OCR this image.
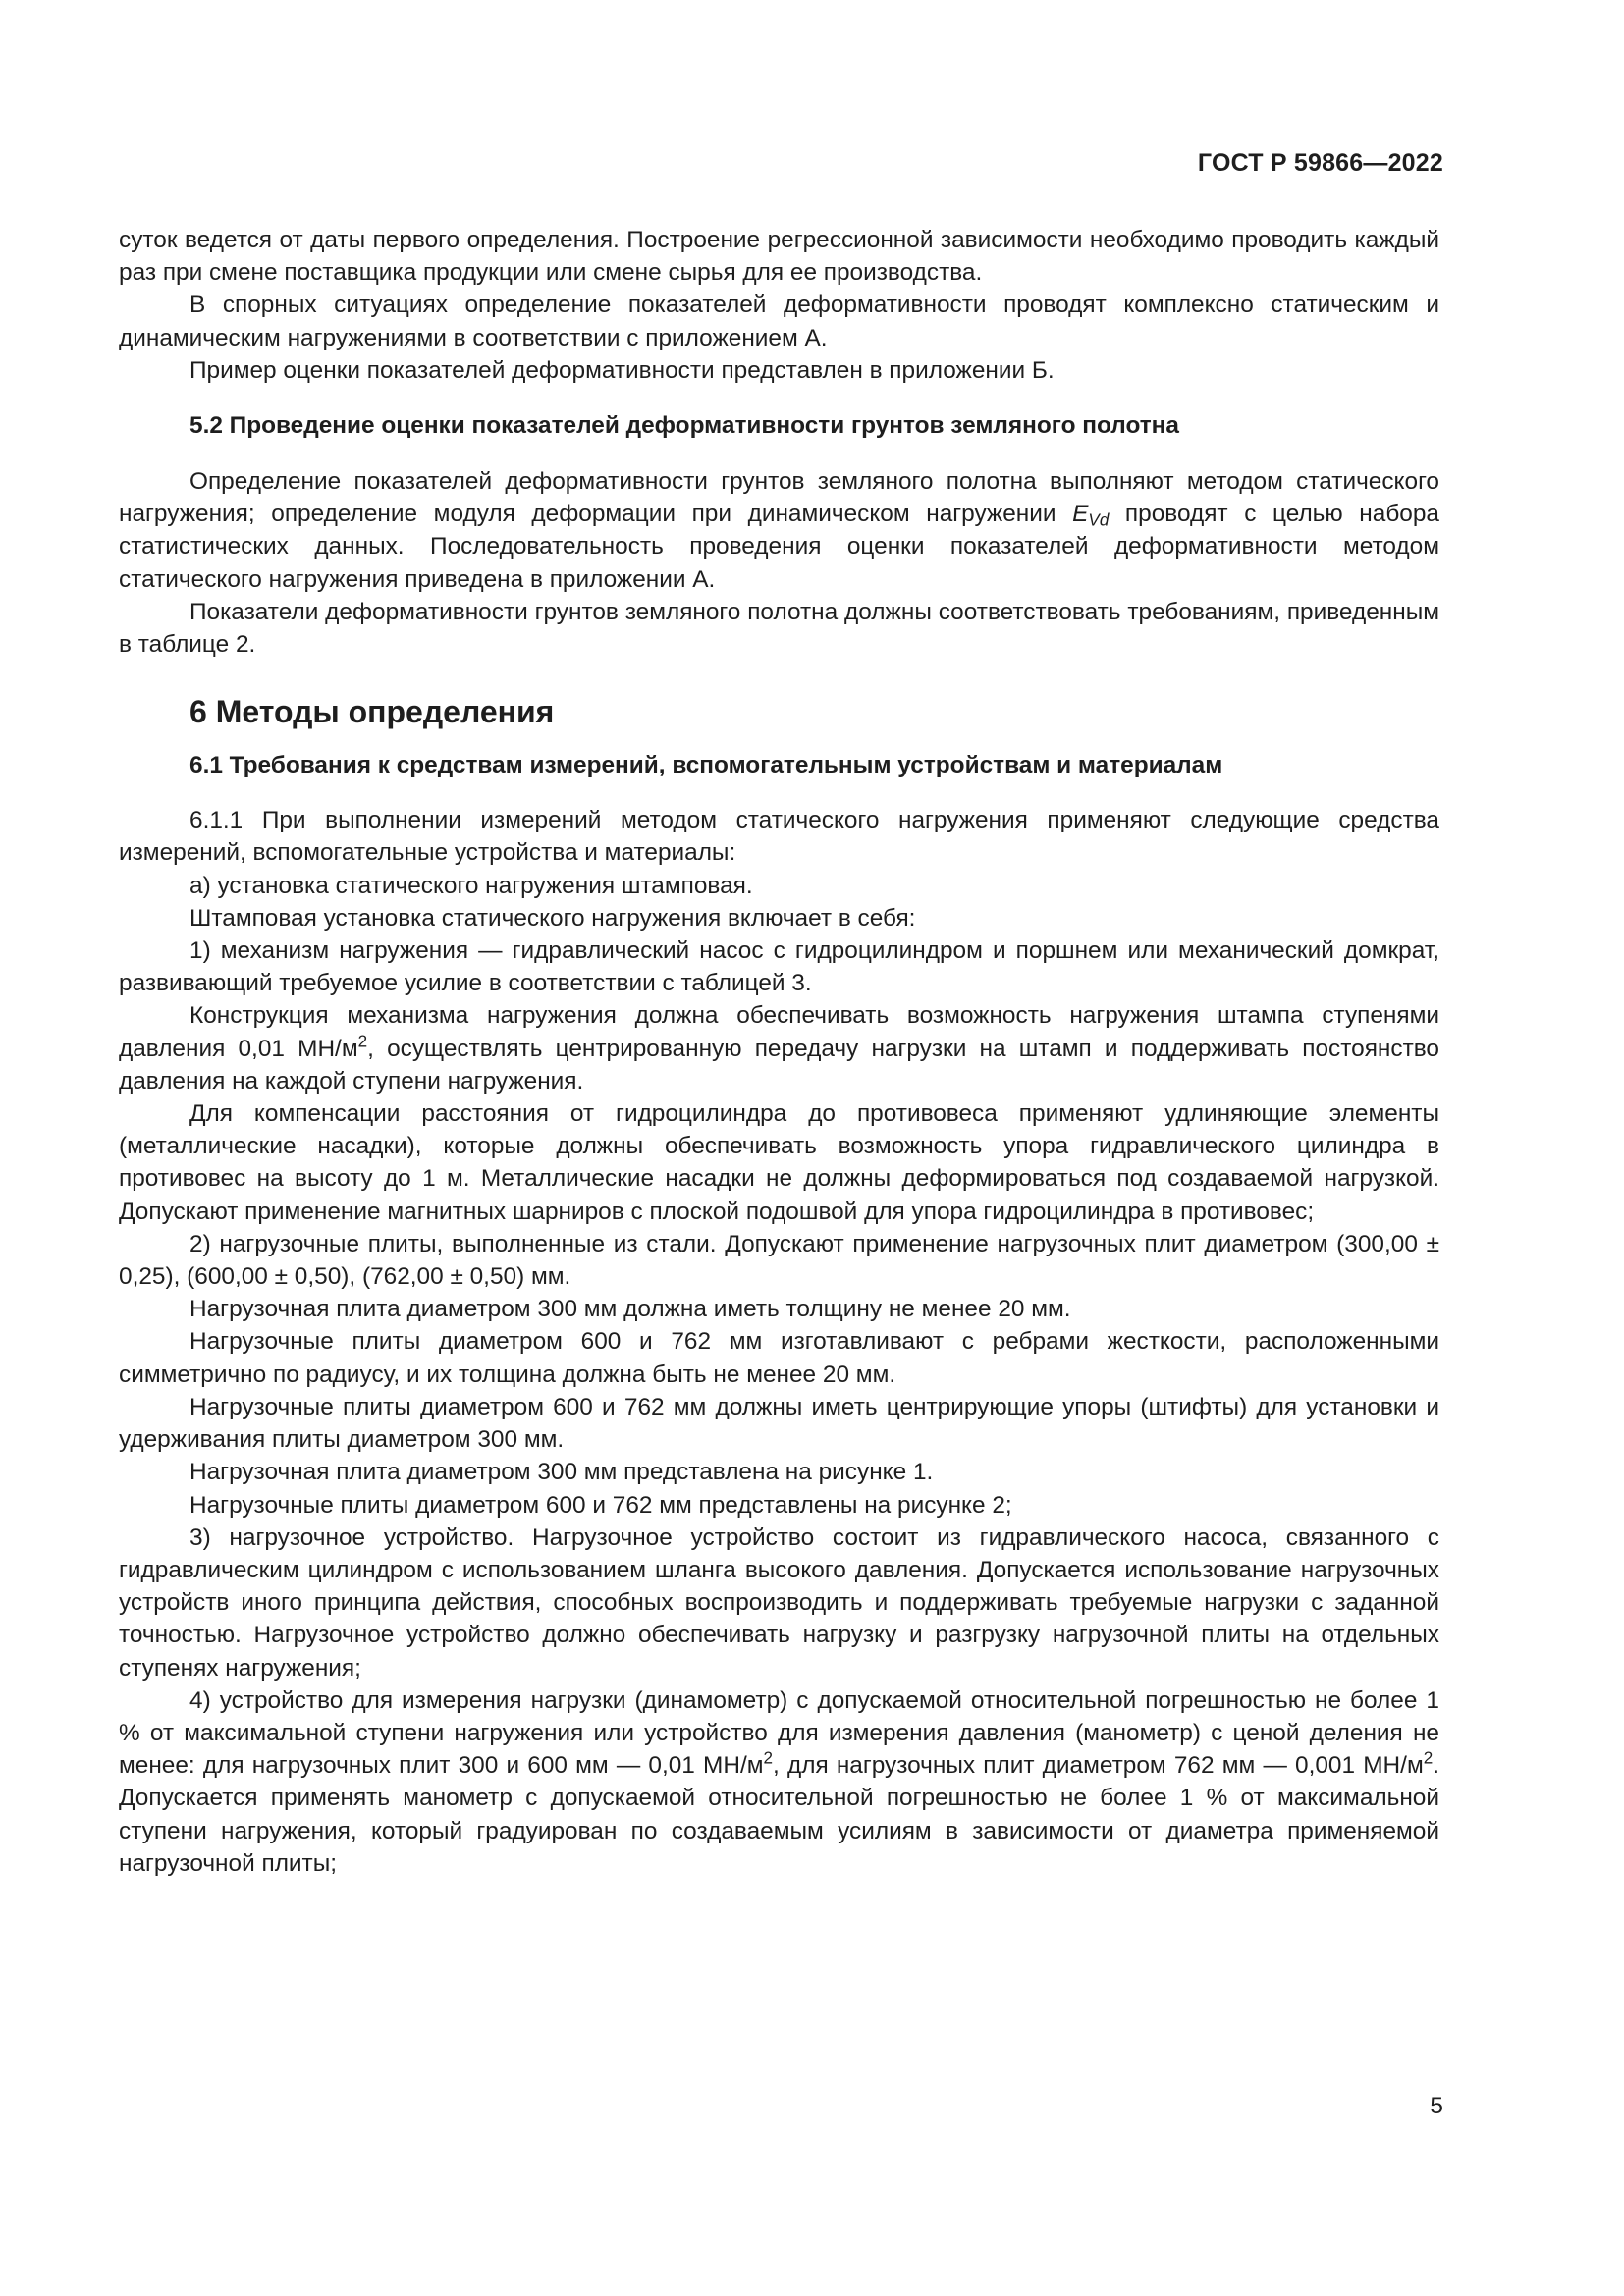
ГОСТ Р 59866—2022

суток ведется от даты первого определения. Построение регрессионной зависимости необходимо проводить каждый раз при смене поставщика продукции или смене сырья для ее производства.

В спорных ситуациях определение показателей деформативности проводят комплексно статическим и динамическим нагружениями в соответствии с приложением А.

Пример оценки показателей деформативности представлен в приложении Б.

5.2 Проведение оценки показателей деформативности грунтов земляного полотна

Определение показателей деформативности грунтов земляного полотна выполняют методом статического нагружения; определение модуля деформации при динамическом нагружении $E_{Vd}$ проводят с целью набора статистических данных. Последовательность проведения оценки показателей деформативности методом статического нагружения приведена в приложении А.

Показатели деформативности грунтов земляного полотна должны соответствовать требованиям, приведенным в таблице 2.

6 Методы определения
6.1 Требования к средствам измерений, вспомогательным устройствам и материалам

6.1.1 При выполнении измерений методом статического нагружения применяют следующие средства измерений, вспомогательные устройства и материалы:

а) установка статического нагружения штамповая.

Штамповая установка статического нагружения включает в себя:

1) механизм нагружения — гидравлический насос с гидроцилиндром и поршнем или механический домкрат, развивающий требуемое усилие в соответствии с таблицей 3.

Конструкция механизма нагружения должна обеспечивать возможность нагружения штампа ступенями давления 0,01 $МН/м^2$, осуществлять центрированную передачу нагрузки на штамп и поддерживать постоянство давления на каждой ступени нагружения.

Для компенсации расстояния от гидроцилиндра до противовеса применяют удлиняющие элементы (металлические насадки), которые должны обеспечивать возможность упора гидравлического цилиндра в противовес на высоту до 1 м. Металлические насадки не должны деформироваться под создаваемой нагрузкой. Допускают применение магнитных шарниров с плоской подошвой для упора гидроцилиндра в противовес;

2) нагрузочные плиты, выполненные из стали. Допускают применение нагрузочных плит диаметром (300,00 ± 0,25), (600,00 ± 0,50), (762,00 ± 0,50) мм.

Нагрузочная плита диаметром 300 мм должна иметь толщину не менее 20 мм.

Нагрузочные плиты диаметром 600 и 762 мм изготавливают с ребрами жесткости, расположенными симметрично по радиусу, и их толщина должна быть не менее 20 мм.

Нагрузочные плиты диаметром 600 и 762 мм должны иметь центрирующие упоры (штифты) для установки и удерживания плиты диаметром 300 мм.

Нагрузочная плита диаметром 300 мм представлена на рисунке 1.

Нагрузочные плиты диаметром 600 и 762 мм представлены на рисунке 2;

3) нагрузочное устройство. Нагрузочное устройство состоит из гидравлического насоса, связанного с гидравлическим цилиндром с использованием шланга высокого давления. Допускается использование нагрузочных устройств иного принципа действия, способных воспроизводить и поддерживать требуемые нагрузки с заданной точностью. Нагрузочное устройство должно обеспечивать нагрузку и разгрузку нагрузочной плиты на отдельных ступенях нагружения;

4) устройство для измерения нагрузки (динамометр) с допускаемой относительной погрешностью не более 1 % от максимальной ступени нагружения или устройство для измерения давления (манометр) с ценой деления не менее: для нагрузочных плит 300 и 600 мм — 0,01 $МН/м^2$, для нагрузочных плит диаметром 762 мм — 0,001 $МН/м^2$. Допускается применять манометр с допускаемой относительной погрешностью не более 1 % от максимальной ступени нагружения, который градуирован по создаваемым усилиям в зависимости от диаметра применяемой нагрузочной плиты;

5
